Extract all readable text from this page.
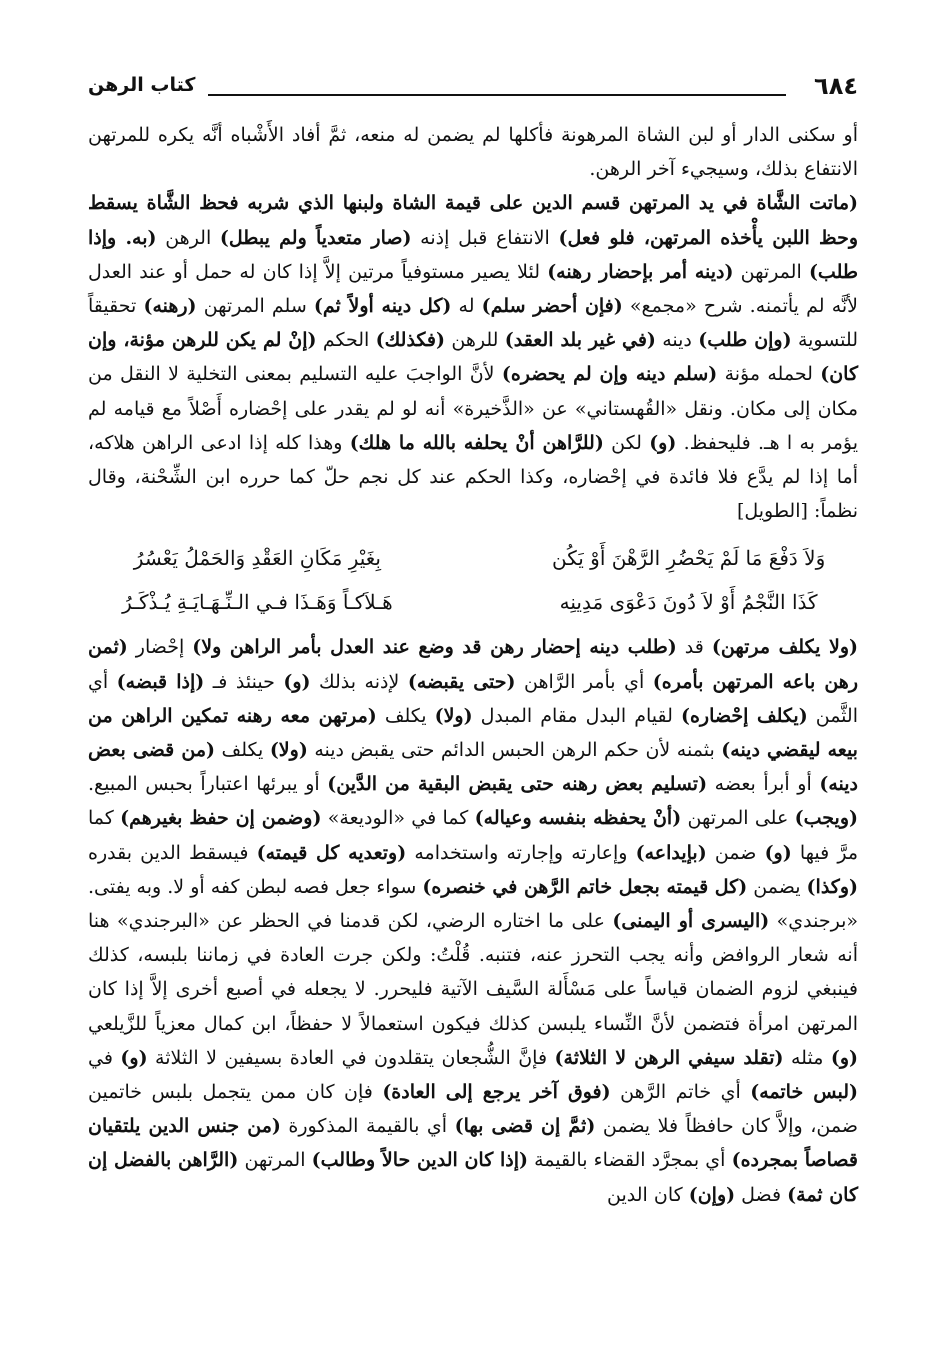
٦٨٤
كتاب الرهن

أو سكنى الدار أو لبن الشاة المرهونة فأكلها لم يضمن له منعه، ثمَّ أفاد الأَشْباه أنَّه يكره للمرتهن الانتفاع بذلك، وسيجيء آخر الرهن.

(ماتت الشَّاة في يد المرتهن قسم الدين على قيمة الشاة ولبنها الذي شربه فحظ الشَّاة يسقط وحظ اللبن يأْخذه المرتهن، فلو فعل) الانتفاع قبل إذنه (صار متعدياً ولم يبطل) الرهن (به. وإذا طلب) المرتهن (دينه أمر بإحضار رهنه) لئلا يصير مستوفياً مرتين إلاَّ إذا كان له حمل أو عند العدل لأنَّه لم يأتمنه. شرح «مجمع» (فإن أحضر سلم) له (كل دينه أولاً ثم) سلم المرتهن (رهنه) تحقيقاً للتسوية (وإن طلب) دينه (في غير بلد العقد) للرهن (فكذلك) الحكم (إنْ لم يكن للرهن مؤنة، وإن كان) لحمله مؤنة (سلم دينه وإن لم يحضره) لأنَّ الواجبَ عليه التسليم بمعنى التخلية لا النقل من مكان إلى مكان. ونقل «القُهستاني» عن «الذَّخيرة» أنه لو لم يقدر على إحْضاره أَصْلاً مع قيامه لم يؤمر به ا هـ. فليحفظ. (و) لكن (للرَّاهن أنْ يحلفه بالله ما هلك) وهذا كله إذا ادعى الراهن هلاكه، أما إذا لم يدَّع فلا فائدة في إحْضاره، وكذا الحكم عند كل نجم حلّ كما حرره ابن الشِّحْنة، وقال نظماً: [الطويل]

وَلاَ دَفْعَ مَا لَمْ يَحْضُرِ الرَّهْنَ أَوْ يَكُن
بِغَيْرِ مَكَانِ العَقْدِ وَالحَمْلُ يَعْسُرُ
كَذَا النَّجْمُ أَوْ لاَ دُونَ دَعْوَى مَدِينِه
هَـلاَكـاً وَهَـذَا فـي الـنِّـهَـايَـةِ يُـذْكَـرُ

(ولا يكلف مرتهن) قد (طلب دينه إحضار رهن قد وضع عند العدل بأمر الراهن ولا) إحْضار (ثمن رهن باعه المرتهن بأمره) أي بأمر الرَّاهن (حتى يقبضه) لإذنه بذلك (و) حينئذ فـ (إذا قبضه) أي الثَّمن (يكلف إحْضاره) لقيام البدل مقام المبدل (ولا) يكلف (مرتهن معه رهنه تمكين الراهن من بيعه ليقضي دينه) بثمنه لأن حكم الرهن الحبس الدائم حتى يقبض دينه (ولا) يكلف (من قضى بعض دينه) أو أبرأ بعضه (تسليم بعض رهنه حتى يقبض البقية من الدَّين) أو يبرئها اعتباراً بحبس المبيع. (ويجب) على المرتهن (أنْ يحفظه بنفسه وعياله) كما في «الوديعة» (وضمن إن حفظ بغيرهم) كما مرَّ فيها (و) ضمن (بإيداعه) وإعارته وإجارته واستخدامه (وتعديه كل قيمته) فيسقط الدين بقدره (وكذا) يضمن (كل قيمته بجعل خاتم الرَّهن في خنصره) سواء جعل فصه لبطن كفه أو لا. وبه يفتى. «برجندي» (اليسرى أو اليمنى) على ما اختاره الرضي، لكن قدمنا في الحظر عن «البرجندي» هنا أنه شعار الروافض وأنه يجب التحرز عنه، فتنبه. قُلْتُ: ولكن جرت العادة في زماننا بلبسه، كذلك فينبغي لزوم الضمان قياساً على مَسْأَلة السَّيف الآتية فليحرر. لا يجعله في أصبع أخرى إلاَّ إذا كان المرتهن امرأة فتضمن لأنَّ النِّساء يلبسن كذلك فيكون استعمالاً لا حفظاً، ابن كمال معزياً للزَّيلعي (و) مثله (تقلد سيفي الرهن لا الثلاثة) فإنَّ الشُّجعان يتقلدون في العادة بسيفين لا الثلاثة (و) في (لبس خاتمه) أي خاتم الرَّهن (فوق آخر يرجع إلى العادة) فإن كان ممن يتجمل بلبس خاتمين ضمن، وإلاَّ كان حافظاً فلا يضمن (ثمَّ إن قضى بها) أي بالقيمة المذكورة (من جنس الدين يلتقيان قصاصاً بمجرده) أي بمجرَّد القضاء بالقيمة (إذا كان الدين حالاً وطالب) المرتهن (الرَّاهن بالفضل إن كان ثمة) فضل (وإن) كان الدين
